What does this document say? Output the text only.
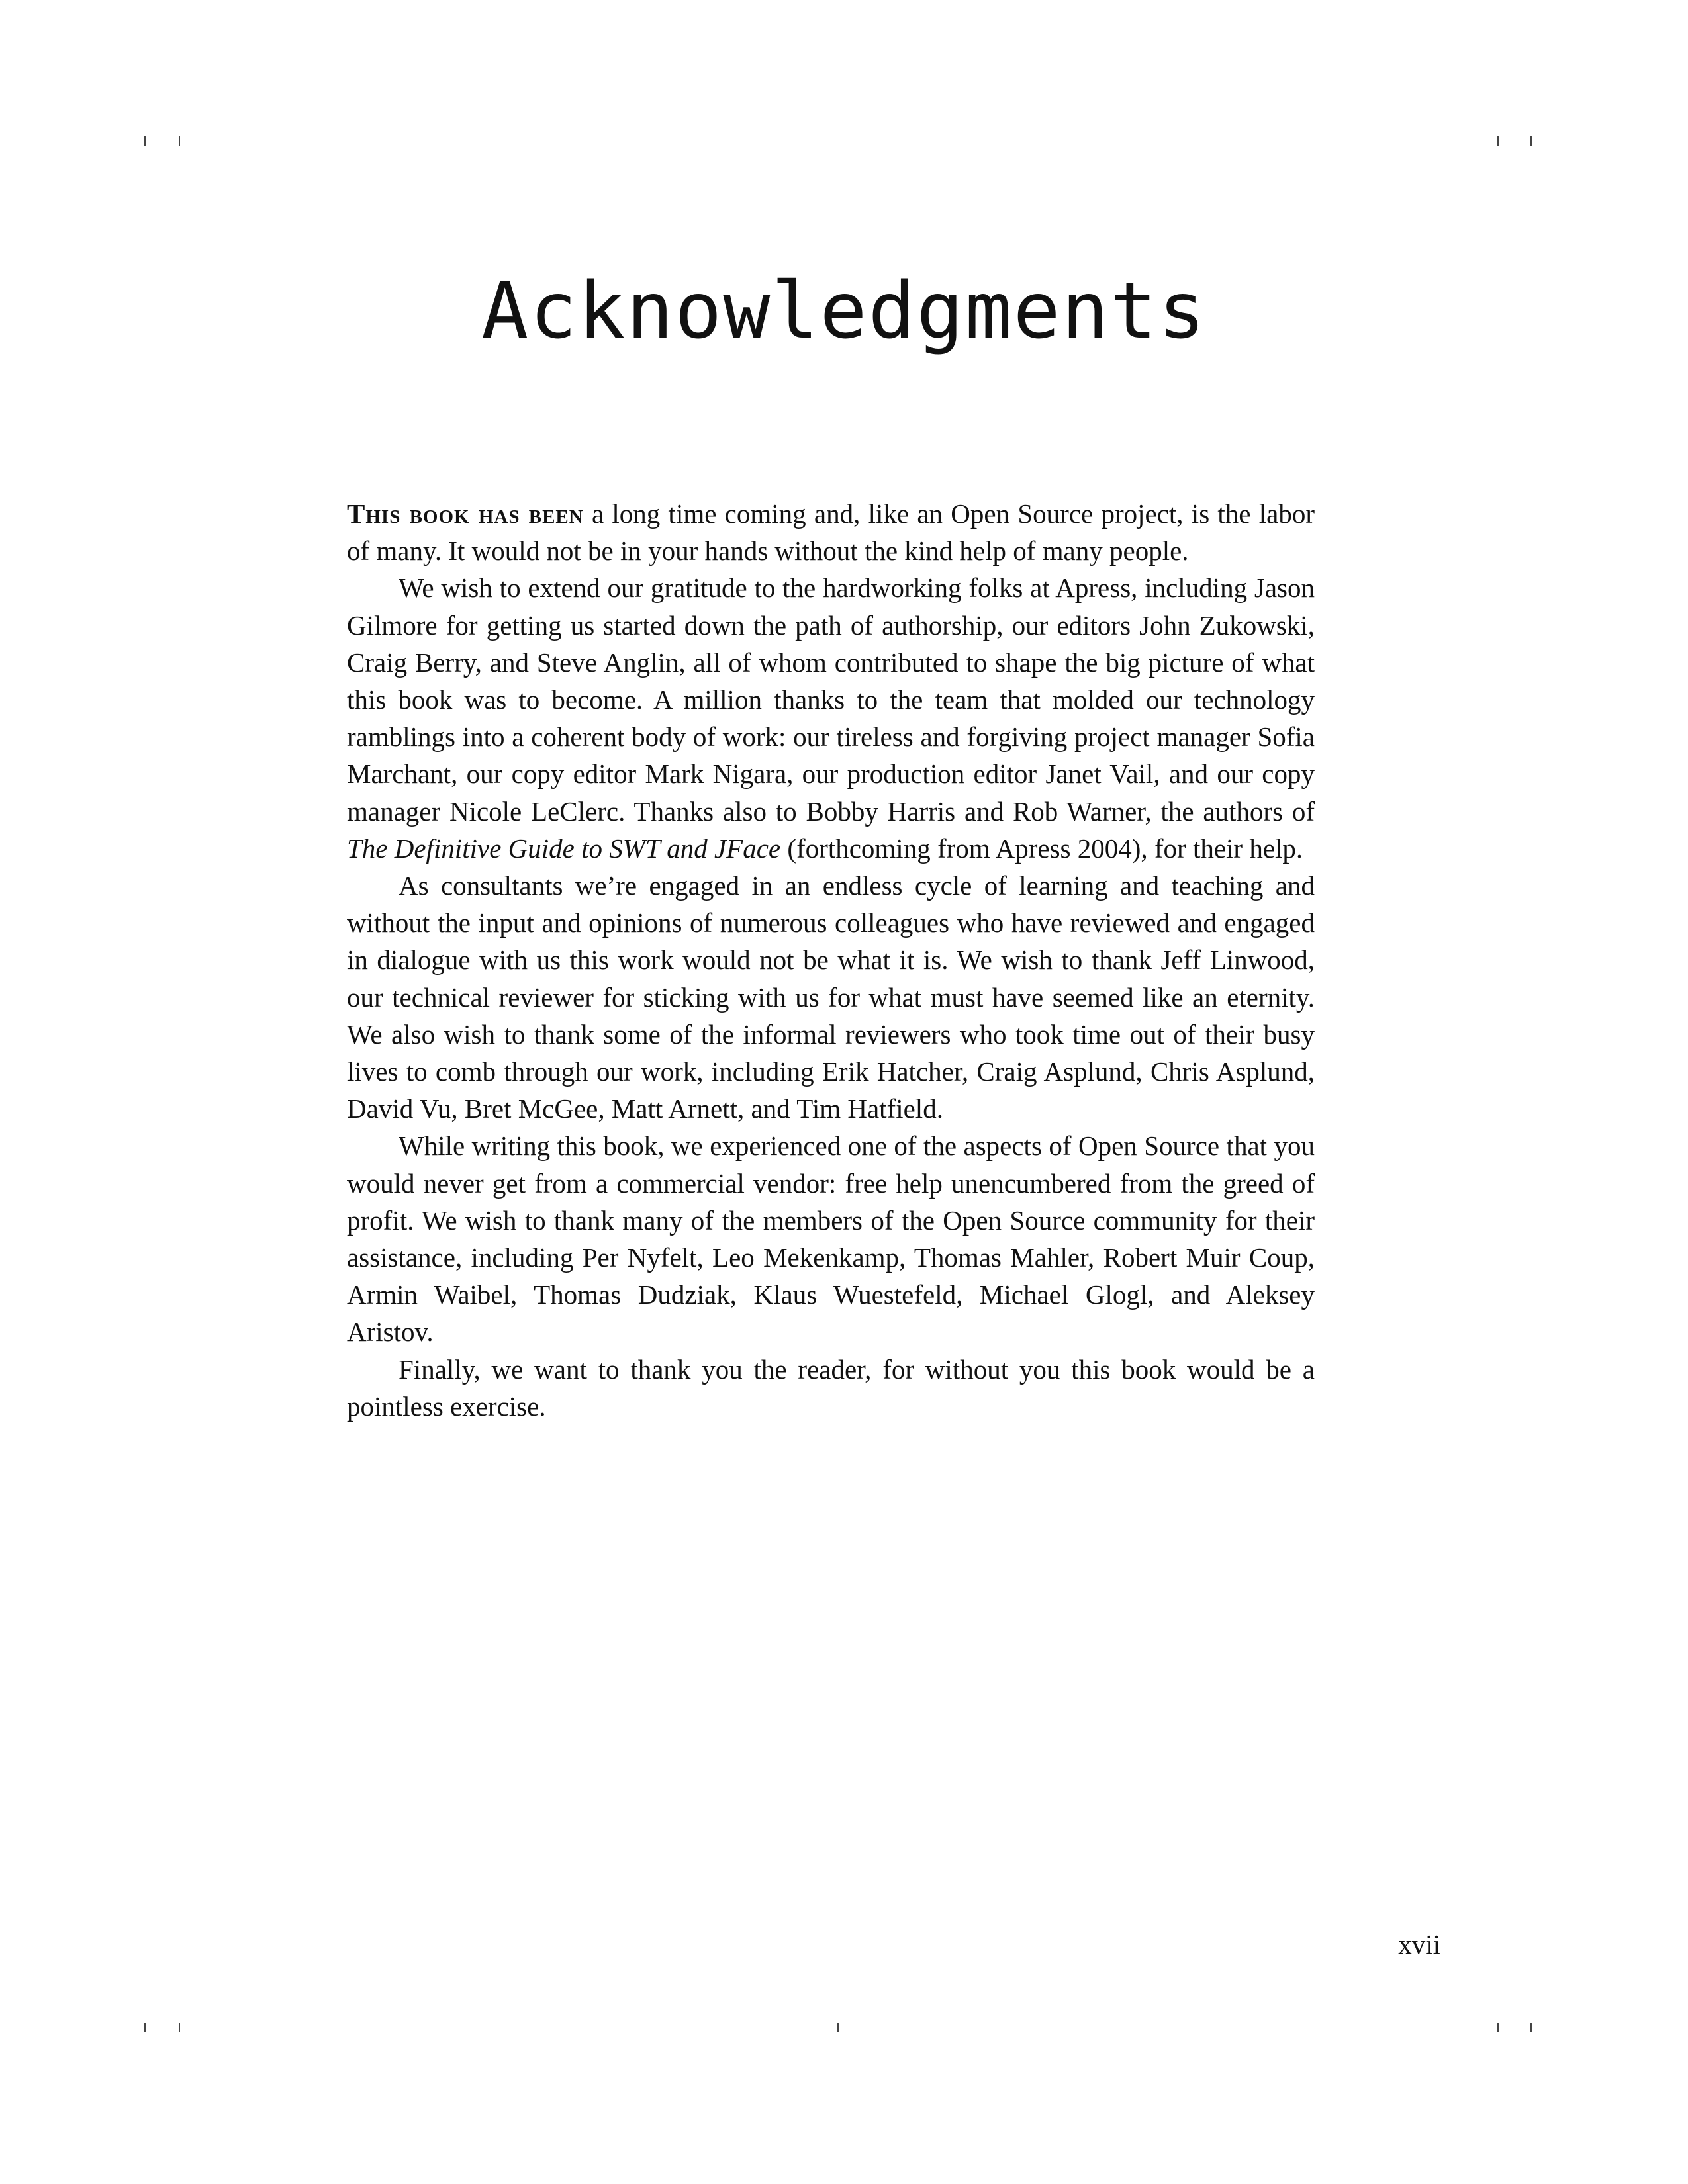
Acknowledgments

This book has been a long time coming and, like an Open Source project, is the labor of many. It would not be in your hands without the kind help of many people.

We wish to extend our gratitude to the hardworking folks at Apress, including Jason Gilmore for getting us started down the path of authorship, our editors John Zukowski, Craig Berry, and Steve Anglin, all of whom contributed to shape the big picture of what this book was to become. A million thanks to the team that molded our technology ramblings into a coherent body of work: our tireless and forgiving project manager Sofia Marchant, our copy editor Mark Nigara, our production editor Janet Vail, and our copy manager Nicole LeClerc. Thanks also to Bobby Harris and Rob Warner, the authors of The Definitive Guide to SWT and JFace (forthcoming from Apress 2004), for their help.

As consultants we’re engaged in an endless cycle of learning and teaching and without the input and opinions of numerous colleagues who have reviewed and engaged in dialogue with us this work would not be what it is. We wish to thank Jeff Linwood, our technical reviewer for sticking with us for what must have seemed like an eternity. We also wish to thank some of the informal reviewers who took time out of their busy lives to comb through our work, including Erik Hatcher, Craig Asplund, Chris Asplund, David Vu, Bret McGee, Matt Arnett, and Tim Hatfield.

While writing this book, we experienced one of the aspects of Open Source that you would never get from a commercial vendor: free help unencumbered from the greed of profit. We wish to thank many of the members of the Open Source community for their assistance, including Per Nyfelt, Leo Mekenkamp, Thomas Mahler, Robert Muir Coup, Armin Waibel, Thomas Dudziak, Klaus Wuestefeld, Michael Glogl, and Aleksey Aristov.

Finally, we want to thank you the reader, for without you this book would be a pointless exercise.

xvii
